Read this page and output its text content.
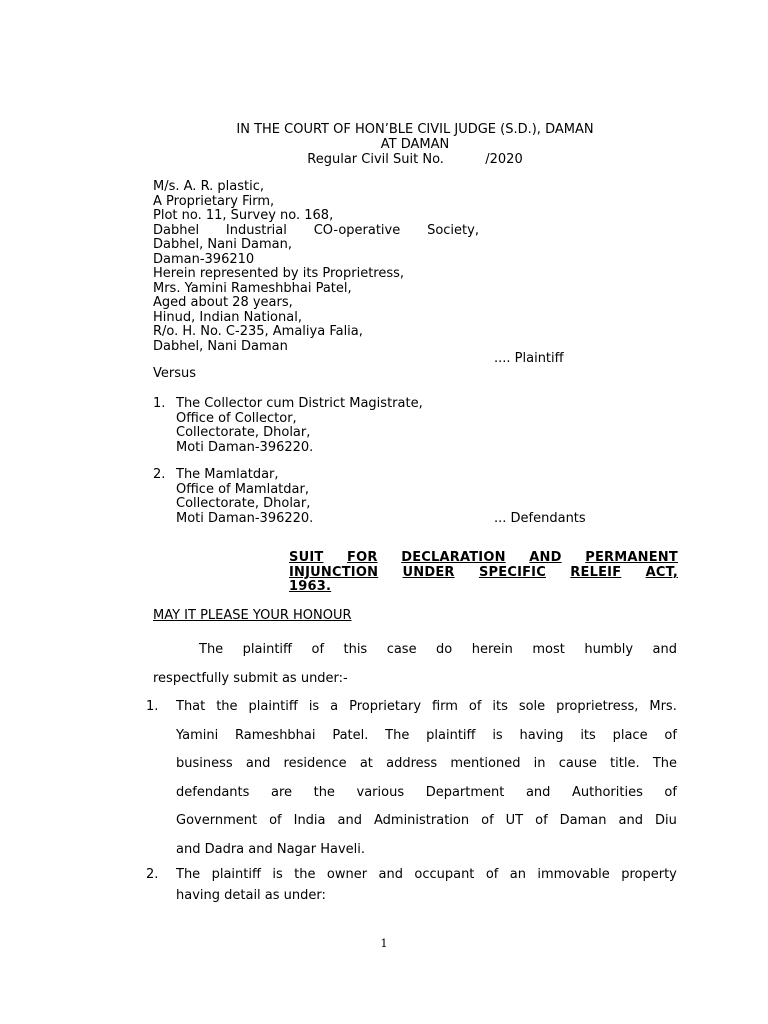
IN THE COURT OF HON’BLE CIVIL JUDGE (S.D.), DAMAN
AT DAMAN
Regular Civil Suit No.          /2020
M/s. A. R. plastic,
A Proprietary Firm,
Plot no. 11, Survey no. 168,
Dabhel Industrial CO-operative Society,
Dabhel, Nani Daman,
Daman-396210
Herein represented by its Proprietress,
Mrs. Yamini Rameshbhai Patel,
Aged about 28 years,
Hinud, Indian National,
R/o. H. No. C-235, Amaliya Falia,
Dabhel, Nani Daman
.... Plaintiff
Versus
1. The Collector cum District Magistrate,
Office of Collector,
Collectorate, Dholar,
Moti Daman-396220.
2. The Mamlatdar,
Office of Mamlatdar,
Collectorate, Dholar,
Moti Daman-396220.	... Defendants
SUIT FOR DECLARATION AND PERMANENT
INJUNCTION UNDER SPECIFIC RELEIF ACT,
1963.
MAY IT PLEASE YOUR HONOUR
The plaintiff of this case do herein most humbly and
respectfully submit as under:-
1. That the plaintiff is a Proprietary firm of its sole proprietress, Mrs.
Yamini Rameshbhai Patel. The plaintiff is having its place of
business and residence at address mentioned in cause title. The
defendants are the various Department and Authorities of
Government of India and Administration of UT of Daman and Diu
and Dadra and Nagar Haveli.
2. The plaintiff is the owner and occupant of an immovable property
having detail as under:
1
